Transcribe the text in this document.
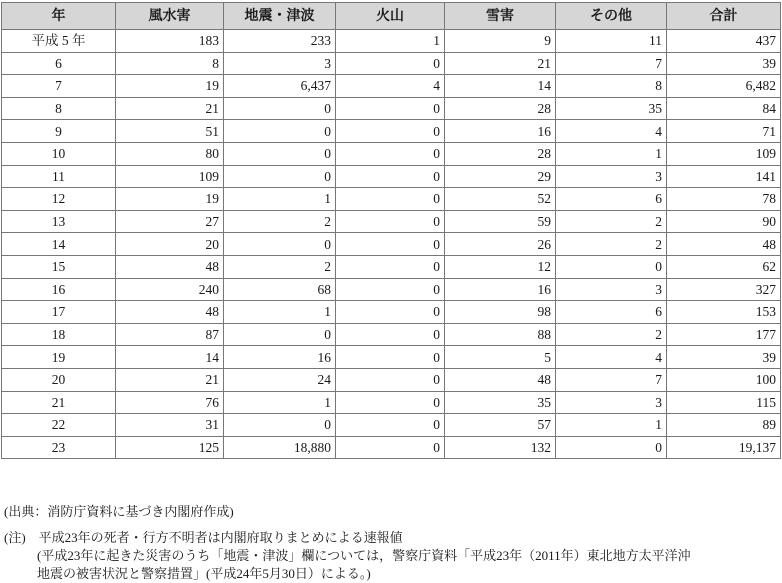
年	風水害	地震・津波	火山	雪害	その他	合計
平成 5 年	183	233	1	9	11	437
6	8	3	0	21	7	39
7	19	6,437	4	14	8	6,482
8	21	0	0	28	35	84
9	51	0	0	16	4	71
10	80	0	0	28	1	109
11	109	0	0	29	3	141
12	19	1	0	52	6	78
13	27	2	0	59	2	90
14	20	0	0	26	2	48
15	48	2	0	12	0	62
16	240	68	0	16	3	327
17	48	1	0	98	6	153
18	87	0	0	88	2	177
19	14	16	0	5	4	39
20	21	24	0	48	7	100
21	76	1	0	35	3	115
22	31	0	0	57	1	89
23	125	18,880	0	132	0	19,137
(出典：消防庁資料に基づき内閣府作成)
(注)　平成23年の死者・行方不明者は内閣府取りまとめによる速報値
(平成23年に起きた災害のうち「地震・津波」欄については，警察庁資料「平成23年（2011年）東北地方太平洋沖
地震の被害状況と警察措置」(平成24年5月30日）による。)
